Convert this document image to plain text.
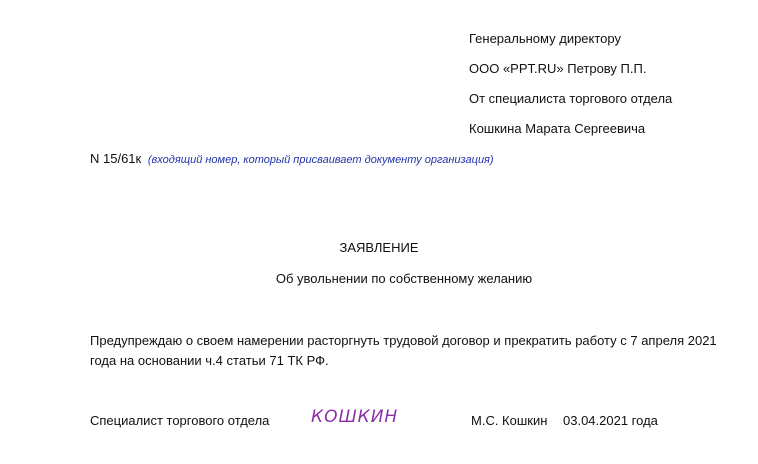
Генеральному директору
ООО «PPT.RU» Петрову П.П.
От специалиста торгового отдела
Кошкина Марата Сергеевича
N 15/61к (входящий номер, который присваивает документу организация)
ЗАЯВЛЕНИЕ
Об увольнении по собственному желанию
Предупреждаю о своем намерении расторгнуть трудовой договор и прекратить работу с 7 апреля 2021 года на основании ч.4 статьи 71 ТК РФ.
Специалист торгового отдела КОШКИН	М.С. Кошкин 03.04.2021 года
